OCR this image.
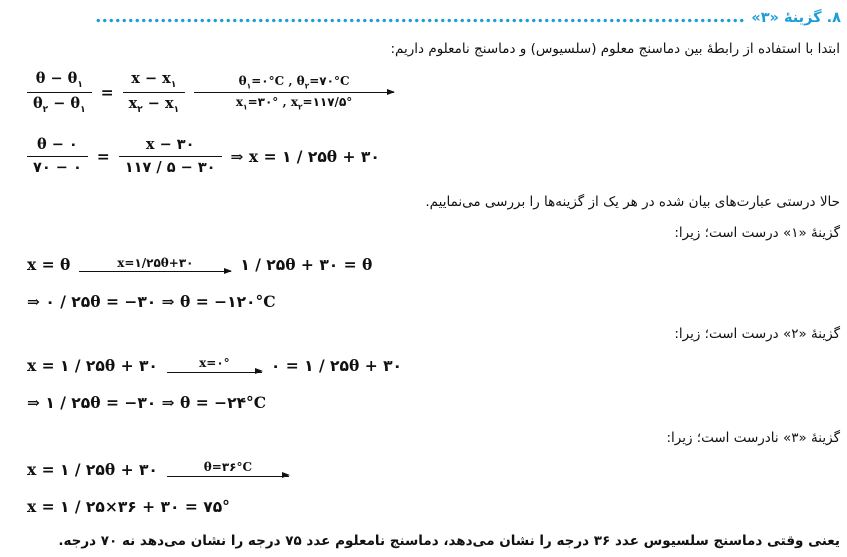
۸. گزینهٔ «۳»
ابتدا با استفاده از رابطهٔ بین دماسنج معلوم (سلسیوس) و دماسنج نامعلوم داریم:
$\frac{\theta - \theta_۱}{\theta_۲ - \theta_۱} = \frac{x - x_۱}{x_۲ - x_۱}$	$\theta_۱=۰^\circ C$ , $\theta_۲=۷۰^\circ C$
$x_۱=۳۰^\circ$ , $x_۲=۱۱۷/۵^\circ$
$\frac{\theta - ۰}{۷۰ - ۰} = \frac{x - ۳۰}{۱۱۷ / ۵ - ۳۰}$ ⇒ x = ۱ / ۲۵θ + ۳۰
حالا درستی عبارت‌های بیان شده در هر یک از گزینه‌ها را بررسی می‌نماییم.
گزینهٔ «۱» درست است؛ زیرا:
x = θ	x=۱/۲۵θ+۳۰	۱ / ۲۵θ + ۳۰ = θ
⇒ ۰ / ۲۵θ = −۳۰ ⇒ θ = −۱۲۰°C
گزینهٔ «۲» درست است؛ زیرا:
x = ۱ / ۲۵θ + ۳۰	x=۰°	۰ = ۱ / ۲۵θ + ۳۰
⇒ ۱ / ۲۵θ = −۳۰ ⇒ θ = −۲۴°C
گزینهٔ «۳» نادرست است؛ زیرا:
x = ۱ / ۲۵θ + ۳۰	θ=۳۶°C
x = ۱ / ۲۵×۳۶ + ۳۰ = ۷۵°
یعنی وقتی دماسنج سلسیوس عدد ۳۶ درجه را نشان می‌دهد، دماسنج نامعلوم عدد ۷۵ درجه را نشان می‌دهد نه ۷۰ درجه.
